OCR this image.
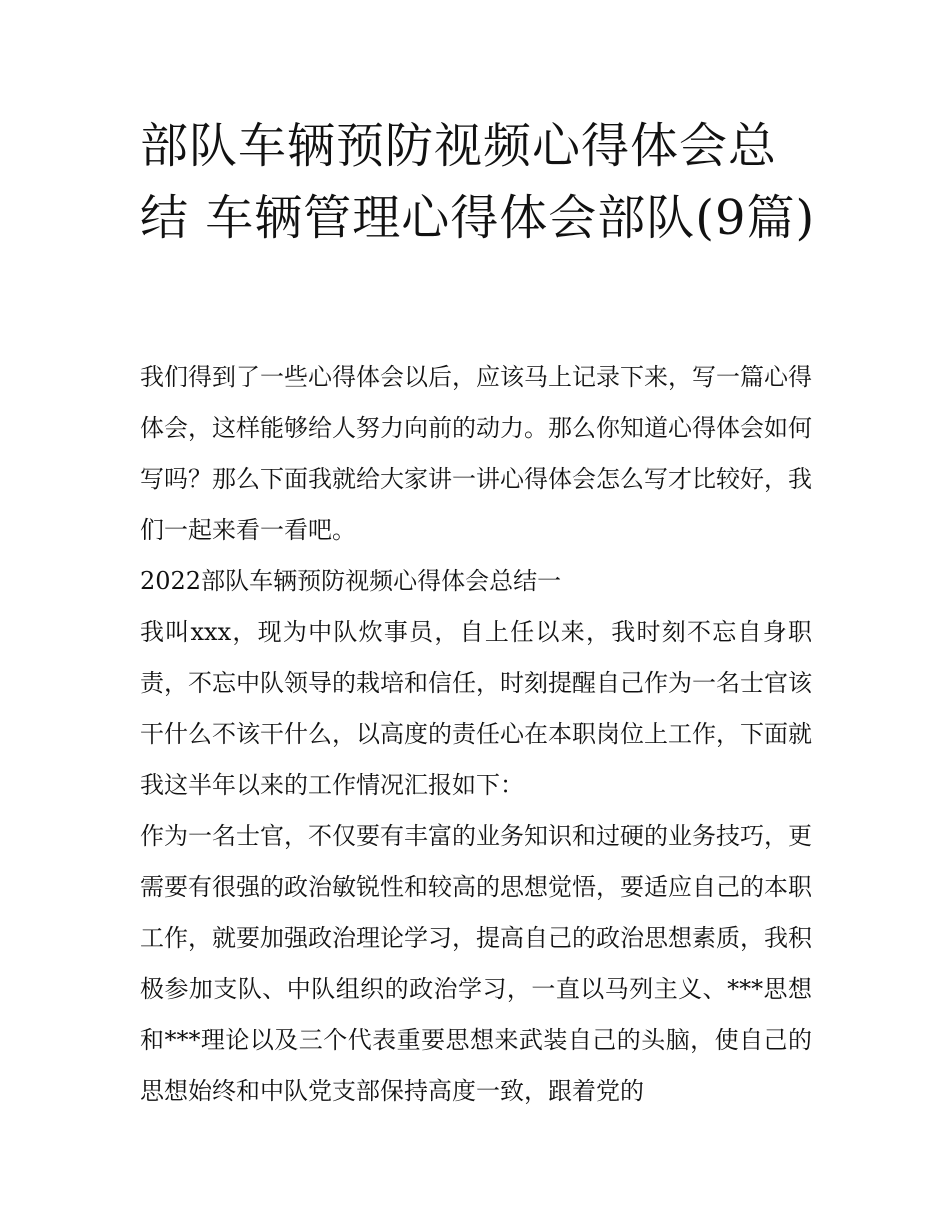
部队车辆预防视频心得体会总结 车辆管理心得体会部队(9篇)

我们得到了一些心得体会以后，应该马上记录下来，写一篇心得体会，这样能够给人努力向前的动力。那么你知道心得体会如何写吗？那么下面我就给大家讲一讲心得体会怎么写才比较好，我们一起来看一看吧。

2022部队车辆预防视频心得体会总结一

我叫xxx，现为中队炊事员，自上任以来，我时刻不忘自身职责，不忘中队领导的栽培和信任，时刻提醒自己作为一名士官该干什么不该干什么，以高度的责任心在本职岗位上工作，下面就我这半年以来的工作情况汇报如下：

作为一名士官，不仅要有丰富的业务知识和过硬的业务技巧，更需要有很强的政治敏锐性和较高的思想觉悟，要适应自己的本职工作，就要加强政治理论学习，提高自己的政治思想素质，我积极参加支队、中队组织的政治学习，一直以马列主义、***思想和***理论以及三个代表重要思想来武装自己的头脑，使自己的思想始终和中队党支部保持高度一致，跟着党的
